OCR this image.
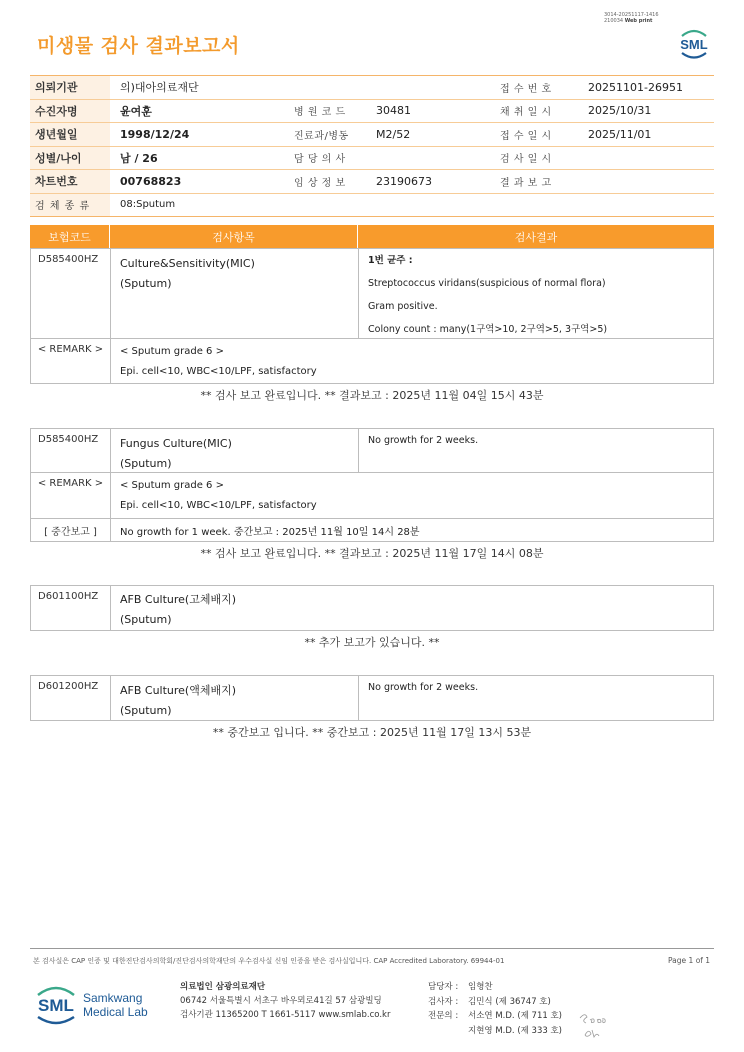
3014-20251117-1416
210034 Web print
미생물 검사 결과보고서	SML
의뢰기관	의)대아의료재단	접 수 번 호	20251101-26951
수진자명	윤여훈	병 원 코 드	30481	채 취 일 시	2025/10/31
생년월일	1998/12/24	진료과/병동	M2/52	접 수 일 시	2025/11/01
성별/나이	남 / 26	담 당 의 사	검 사 일 시
차트번호	00768823	임 상 정 보	23190673	결 과 보 고
검 체 종 류	08:Sputum
보험코드	검사항목	검사결과
D585400HZ	Culture&Sensitivity(MIC)
(Sputum)
1번 균주 :
Streptococcus viridans(suspicious of normal flora)
Gram positive.
Colony count : many(1구역>10, 2구역>5, 3구역>5)
< REMARK >	< Sputum grade 6 >
Epi. cell<10, WBC<10/LPF, satisfactory
** 검사 보고 완료입니다. ** 결과보고 : 2025년 11월 04일 15시 43분
D585400HZ	Fungus Culture(MIC)
(Sputum)
No growth for 2 weeks.
< REMARK >	< Sputum grade 6 >
Epi. cell<10, WBC<10/LPF, satisfactory
[ 중간보고 ]	No growth for 1 week. 중간보고 : 2025년 11월 10일 14시 28분
** 검사 보고 완료입니다. ** 결과보고 : 2025년 11월 17일 14시 08분
D601100HZ	AFB Culture(고체배지)
(Sputum)
** 추가 보고가 있습니다. **
D601200HZ	AFB Culture(액체배지)
(Sputum)
No growth for 2 weeks.
** 중간보고 입니다. ** 중간보고 : 2025년 11월 17일 13시 53분
본 검사실은 CAP 인증 및 대한진단검사의학회/진단검사의학재단의 우수검사실 신임 인증을 받은 검사실입니다. CAP Accredited Laboratory. 69944-01	Page 1 of 1
SML Samkwang
Medical Lab
의료법인 삼광의료재단
06742 서울특별시 서초구 바우뫼로41길 57 삼광빌딩
검사기관 11365200 T 1661-5117 www.smlab.co.kr
담당자 :	임형찬
검사자 :	김민식 (제 36747 호)
전문의 :	서소연 M.D. (제 711 호)
지현영 M.D. (제 333 호)
